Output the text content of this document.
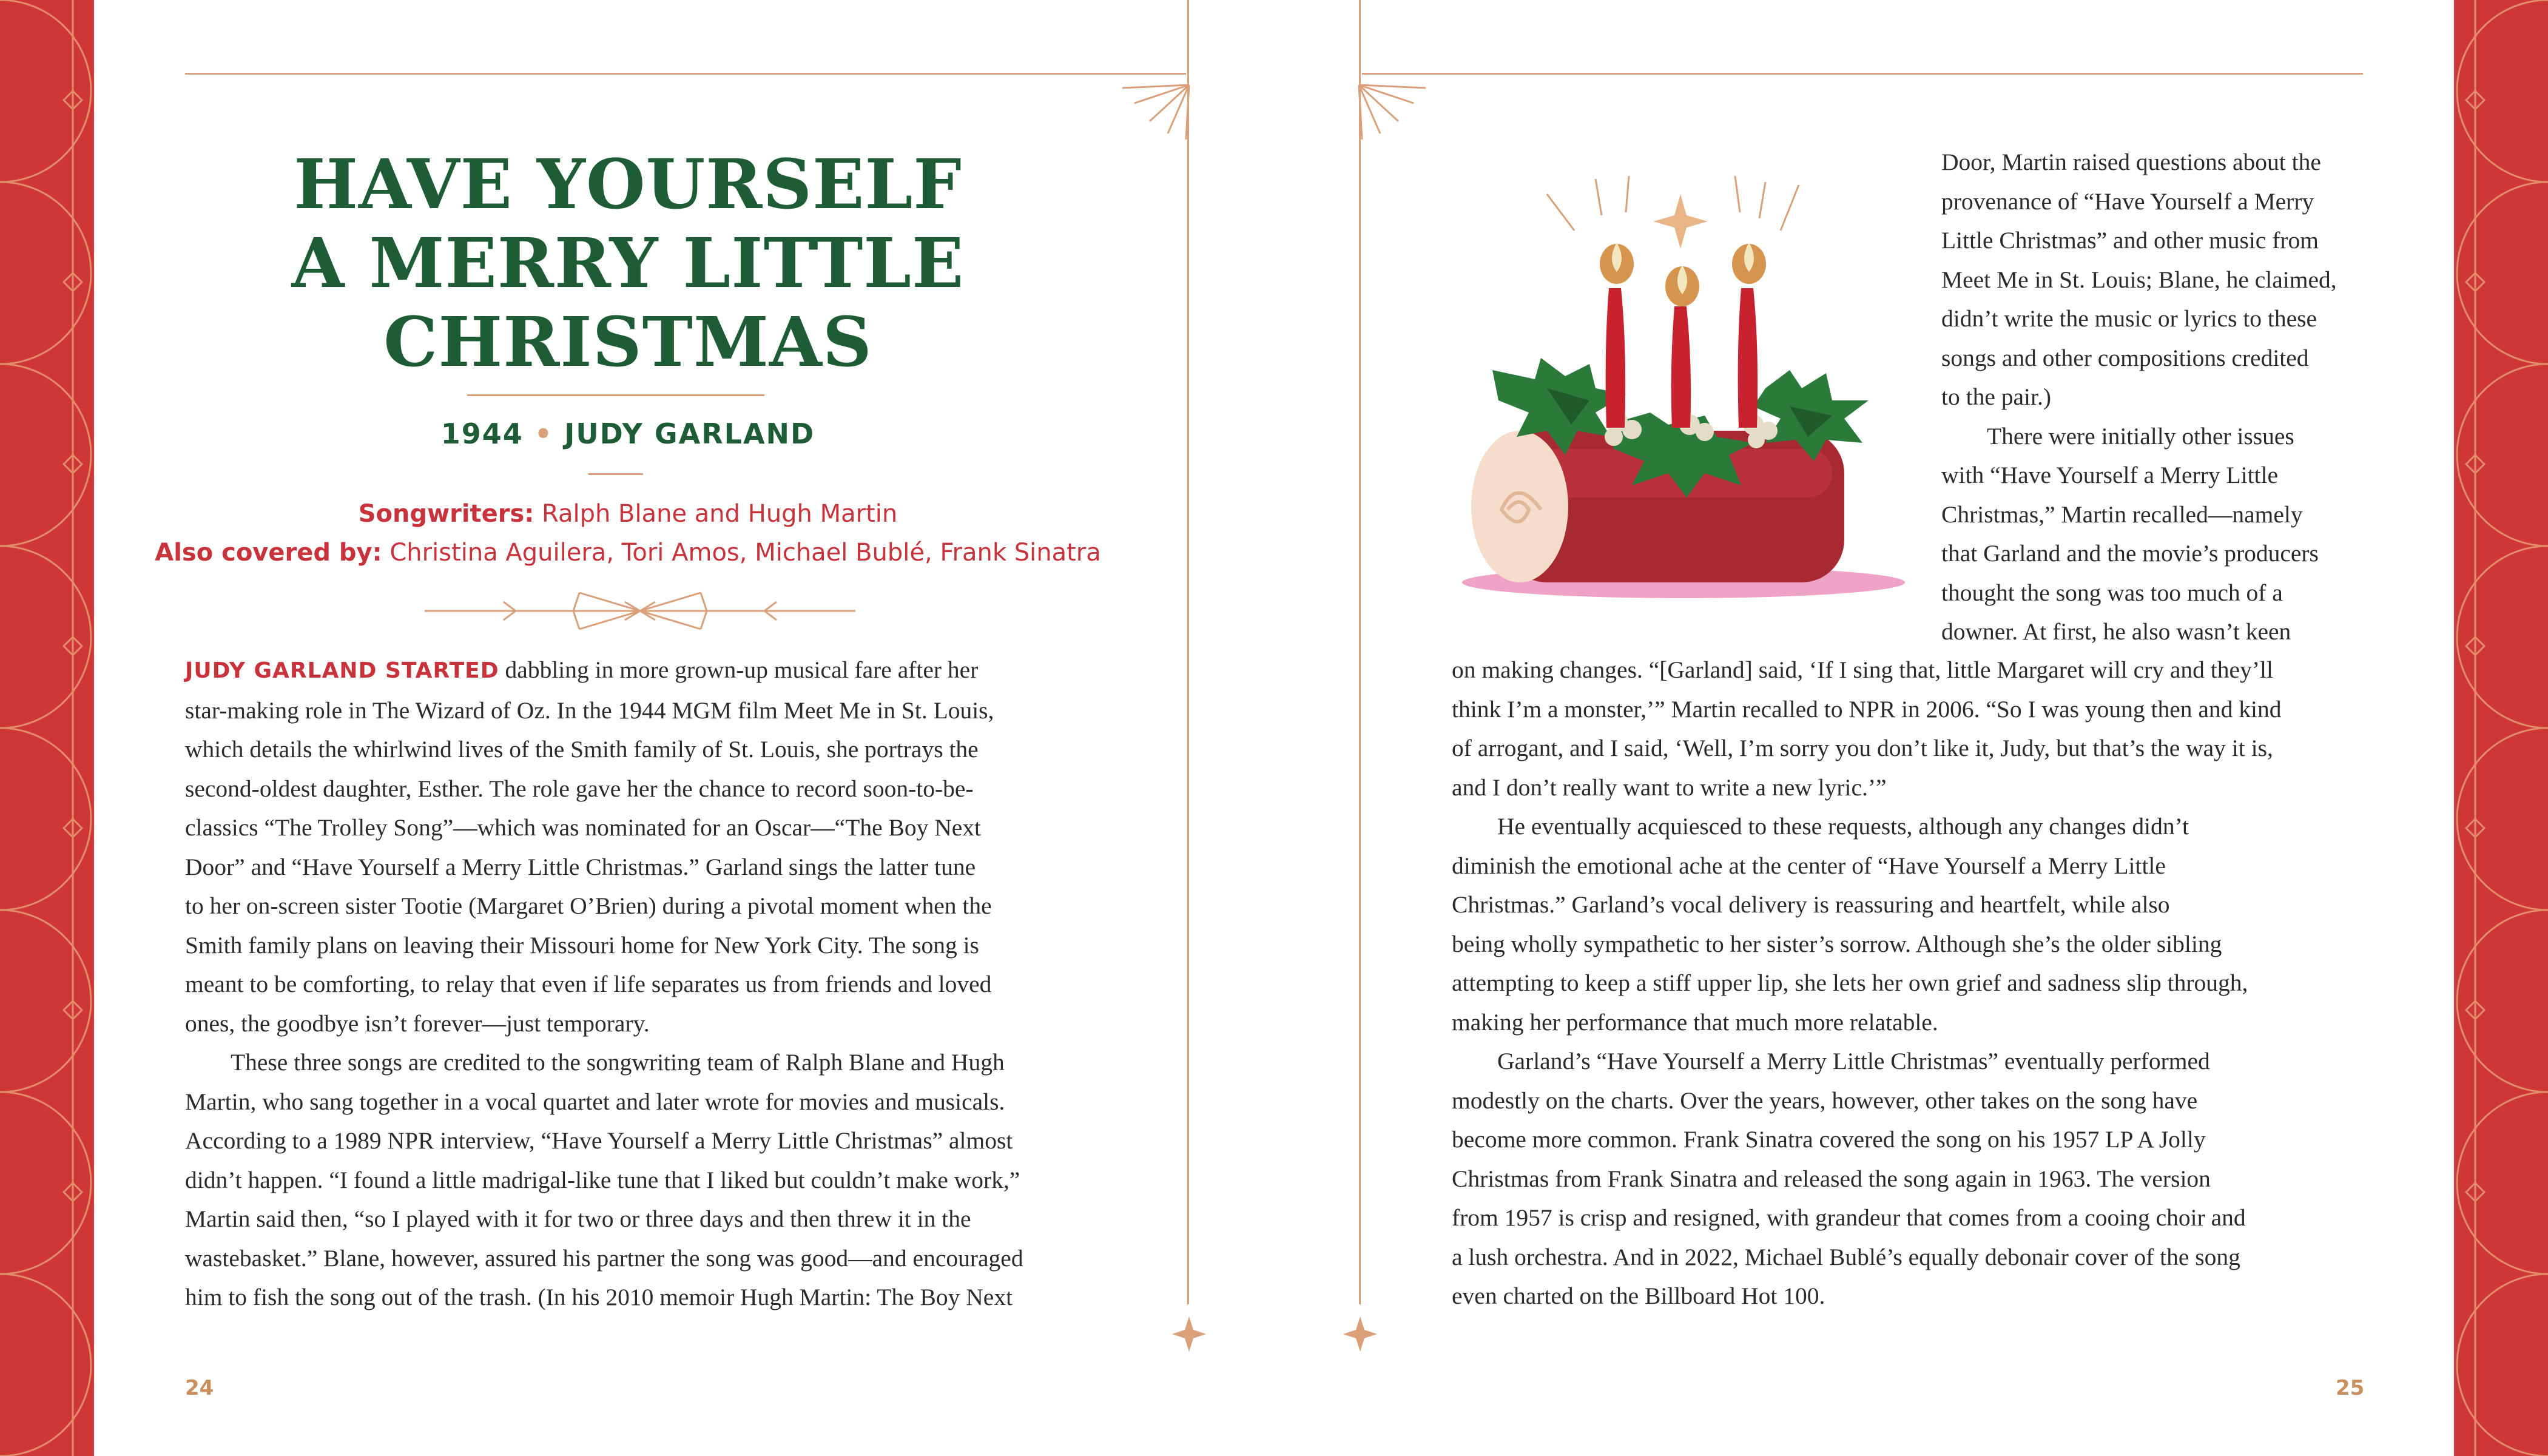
HAVE YOURSELF
A MERRY LITTLE
CHRISTMAS
1944 • JUDY GARLAND
Songwriters: Ralph Blane and Hugh Martin
Also covered by: Christina Aguilera, Tori Amos, Michael Bublé, Frank Sinatra

JUDY GARLAND STARTED dabbling in more grown-up musical fare after her

star-making role in The Wizard of Oz. In the 1944 MGM film Meet Me in St. Louis,

which details the whirlwind lives of the Smith family of St. Louis, she portrays the

second-oldest daughter, Esther. The role gave her the chance to record soon-to-be-

classics “The Trolley Song”—which was nominated for an Oscar—“The Boy Next

Door” and “Have Yourself a Merry Little Christmas.” Garland sings the latter tune

to her on-screen sister Tootie (Margaret O’Brien) during a pivotal moment when the

Smith family plans on leaving their Missouri home for New York City. The song is

meant to be comforting, to relay that even if life separates us from friends and loved

ones, the goodbye isn’t forever—just temporary.

These three songs are credited to the songwriting team of Ralph Blane and Hugh

Martin, who sang together in a vocal quartet and later wrote for movies and musicals.

According to a 1989 NPR interview, “Have Yourself a Merry Little Christmas” almost

didn’t happen. “I found a little madrigal-like tune that I liked but couldn’t make work,”

Martin said then, “so I played with it for two or three days and then threw it in the

wastebasket.” Blane, however, assured his partner the song was good—and encouraged

him to fish the song out of the trash. (In his 2010 memoir Hugh Martin: The Boy Next

24

Door, Martin raised questions about the

provenance of “Have Yourself a Merry

Little Christmas” and other music from

Meet Me in St. Louis; Blane, he claimed,

didn’t write the music or lyrics to these

songs and other compositions credited

to the pair.)

There were initially other issues

with “Have Yourself a Merry Little

Christmas,” Martin recalled—namely

that Garland and the movie’s producers

thought the song was too much of a

downer. At first, he also wasn’t keen

on making changes. “[Garland] said, ‘If I sing that, little Margaret will cry and they’ll

think I’m a monster,’” Martin recalled to NPR in 2006. “So I was young then and kind

of arrogant, and I said, ‘Well, I’m sorry you don’t like it, Judy, but that’s the way it is,

and I don’t really want to write a new lyric.’”

He eventually acquiesced to these requests, although any changes didn’t

diminish the emotional ache at the center of “Have Yourself a Merry Little

Christmas.” Garland’s vocal delivery is reassuring and heartfelt, while also

being wholly sympathetic to her sister’s sorrow. Although she’s the older sibling

attempting to keep a stiff upper lip, she lets her own grief and sadness slip through,

making her performance that much more relatable.

Garland’s “Have Yourself a Merry Little Christmas” eventually performed

modestly on the charts. Over the years, however, other takes on the song have

become more common. Frank Sinatra covered the song on his 1957 LP A Jolly

Christmas from Frank Sinatra and released the song again in 1963. The version

from 1957 is crisp and resigned, with grandeur that comes from a cooing choir and

a lush orchestra. And in 2022, Michael Bublé’s equally debonair cover of the song

even charted on the Billboard Hot 100.

25
